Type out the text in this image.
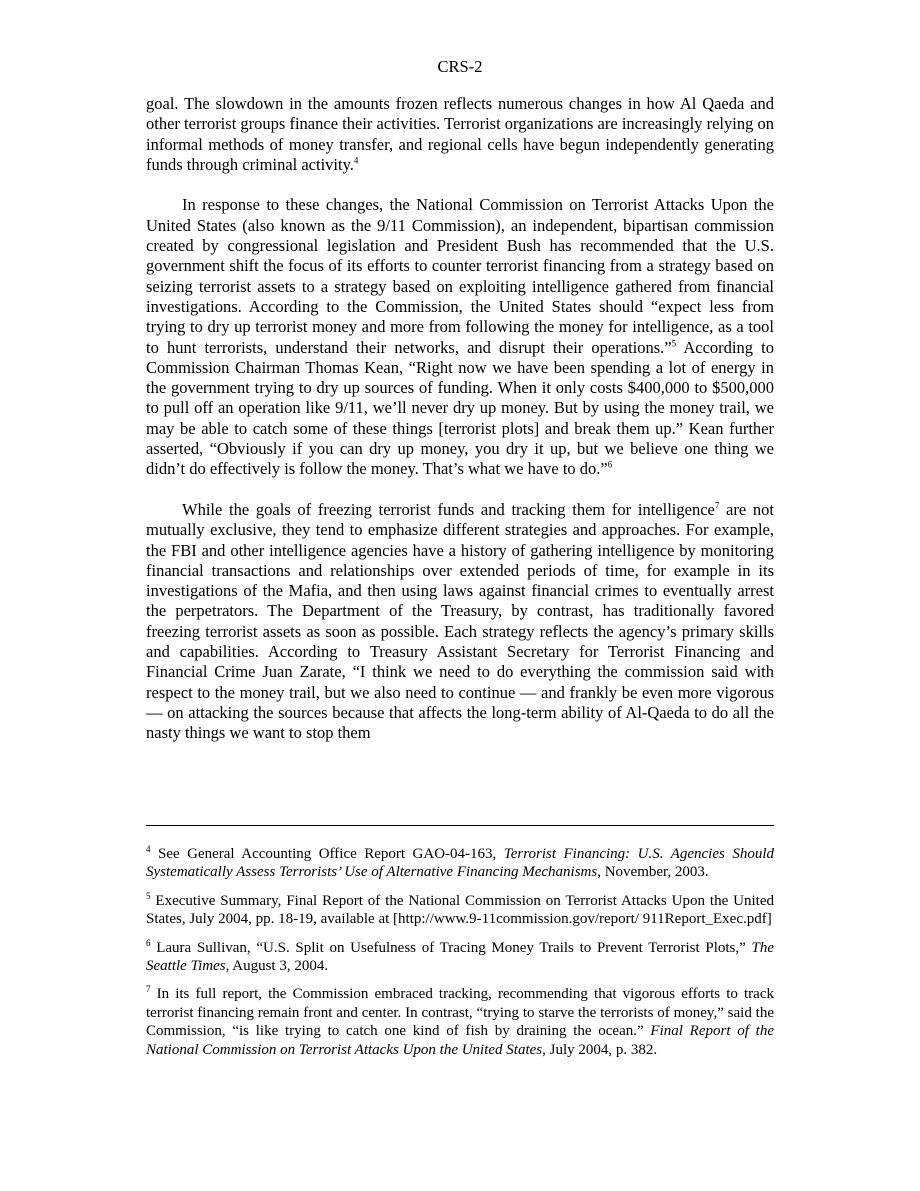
CRS-2

goal. The slowdown in the amounts frozen reflects numerous changes in how Al Qaeda and other terrorist groups finance their activities. Terrorist organizations are increasingly relying on informal methods of money transfer, and regional cells have begun independently generating funds through criminal activity.$^4$

In response to these changes, the National Commission on Terrorist Attacks Upon the United States (also known as the 9/11 Commission), an independent, bipartisan commission created by congressional legislation and President Bush has recommended that the U.S. government shift the focus of its efforts to counter terrorist financing from a strategy based on seizing terrorist assets to a strategy based on exploiting intelligence gathered from financial investigations. According to the Commission, the United States should “expect less from trying to dry up terrorist money and more from following the money for intelligence, as a tool to hunt terrorists, understand their networks, and disrupt their operations.”$^5$ According to Commission Chairman Thomas Kean, “Right now we have been spending a lot of energy in the government trying to dry up sources of funding. When it only costs $400,000 to $500,000 to pull off an operation like 9/11, we’ll never dry up money. But by using the money trail, we may be able to catch some of these things [terrorist plots] and break them up.” Kean further asserted, “Obviously if you can dry up money, you dry it up, but we believe one thing we didn’t do effectively is follow the money. That’s what we have to do.”$^6$

While the goals of freezing terrorist funds and tracking them for intelligence$^7$ are not mutually exclusive, they tend to emphasize different strategies and approaches. For example, the FBI and other intelligence agencies have a history of gathering intelligence by monitoring financial transactions and relationships over extended periods of time, for example in its investigations of the Mafia, and then using laws against financial crimes to eventually arrest the perpetrators. The Department of the Treasury, by contrast, has traditionally favored freezing terrorist assets as soon as possible. Each strategy reflects the agency’s primary skills and capabilities. According to Treasury Assistant Secretary for Terrorist Financing and Financial Crime Juan Zarate, “I think we need to do everything the commission said with respect to the money trail, but we also need to continue — and frankly be even more vigorous — on attacking the sources because that affects the long-term ability of Al-Qaeda to do all the nasty things we want to stop them

$^4$ See General Accounting Office Report GAO-04-163, Terrorist Financing: U.S. Agencies Should Systematically Assess Terrorists’ Use of Alternative Financing Mechanisms, November, 2003.

$^5$ Executive Summary, Final Report of the National Commission on Terrorist Attacks Upon the United States, July 2004, pp. 18-19, available at [http://www.9-11commission.gov/report/ 911Report_Exec.pdf]

$^6$ Laura Sullivan, “U.S. Split on Usefulness of Tracing Money Trails to Prevent Terrorist Plots,” The Seattle Times, August 3, 2004.

$^7$ In its full report, the Commission embraced tracking, recommending that vigorous efforts to track terrorist financing remain front and center. In contrast, “trying to starve the terrorists of money,” said the Commission, “is like trying to catch one kind of fish by draining the ocean.” Final Report of the National Commission on Terrorist Attacks Upon the United States, July 2004, p. 382.
